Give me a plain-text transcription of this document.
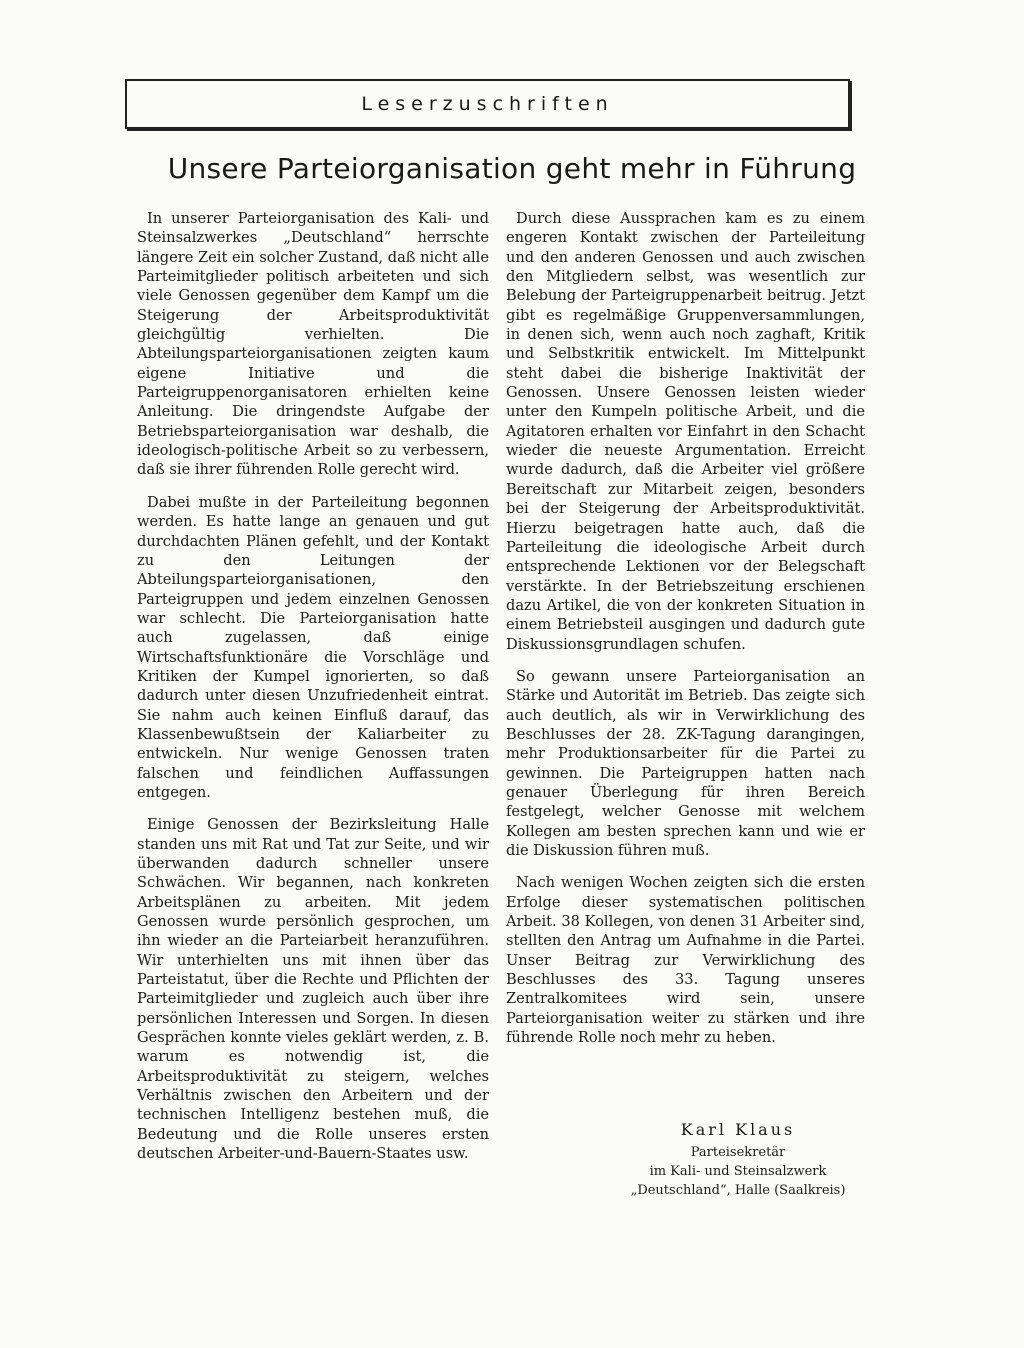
Leserzuschriften
Unsere Parteiorganisation geht mehr in Führung

In unserer Parteiorganisation des Kali- und Steinsalzwerkes „Deutschland“ herrschte längere Zeit ein solcher Zustand, daß nicht alle Parteimitglieder politisch arbeiteten und sich viele Genossen gegenüber dem Kampf um die Steigerung der Arbeitsproduktivität gleichgültig verhielten. Die Abteilungsparteiorganisationen zeigten kaum eigene Initiative und die Parteigruppenorganisatoren erhielten keine Anleitung. Die dringendste Aufgabe der Betriebsparteiorganisation war deshalb, die ideologisch-politische Arbeit so zu verbessern, daß sie ihrer führenden Rolle gerecht wird.

Dabei mußte in der Parteileitung begonnen werden. Es hatte lange an genauen und gut durchdachten Plänen gefehlt, und der Kontakt zu den Leitungen der Abteilungsparteiorganisationen, den Parteigruppen und jedem einzelnen Genossen war schlecht. Die Parteiorganisation hatte auch zugelassen, daß einige Wirtschaftsfunktionäre die Vorschläge und Kritiken der Kumpel ignorierten, so daß dadurch unter diesen Unzufriedenheit eintrat. Sie nahm auch keinen Einfluß darauf, das Klassenbewußtsein der Kaliarbeiter zu entwickeln. Nur wenige Genossen traten falschen und feindlichen Auffassungen entgegen.

Einige Genossen der Bezirksleitung Halle standen uns mit Rat und Tat zur Seite, und wir überwanden dadurch schneller unsere Schwächen. Wir begannen, nach konkreten Arbeitsplänen zu arbeiten. Mit jedem Genossen wurde persönlich gesprochen, um ihn wieder an die Parteiarbeit heranzuführen. Wir unterhielten uns mit ihnen über das Parteistatut, über die Rechte und Pflichten der Parteimitglieder und zugleich auch über ihre persönlichen Interessen und Sorgen. In diesen Gesprächen konnte vieles geklärt werden, z. B. warum es notwendig ist, die Arbeitsproduktivität zu steigern, welches Verhältnis zwischen den Arbeitern und der technischen Intelligenz bestehen muß, die Bedeutung und die Rolle unseres ersten deutschen Arbeiter-und-Bauern-Staates usw.

Durch diese Aussprachen kam es zu einem engeren Kontakt zwischen der Parteileitung und den anderen Genossen und auch zwischen den Mitgliedern selbst, was wesentlich zur Belebung der Parteigruppenarbeit beitrug. Jetzt gibt es regelmäßige Gruppenversammlungen, in denen sich, wenn auch noch zaghaft, Kritik und Selbstkritik entwickelt. Im Mittelpunkt steht dabei die bisherige Inaktivität der Genossen. Unsere Genossen leisten wieder unter den Kumpeln politische Arbeit, und die Agitatoren erhalten vor Einfahrt in den Schacht wieder die neueste Argumentation. Erreicht wurde dadurch, daß die Arbeiter viel größere Bereitschaft zur Mitarbeit zeigen, besonders bei der Steigerung der Arbeitsproduktivität. Hierzu beigetragen hatte auch, daß die Parteileitung die ideologische Arbeit durch entsprechende Lektionen vor der Belegschaft verstärkte. In der Betriebszeitung erschienen dazu Artikel, die von der konkreten Situation in einem Betriebsteil ausgingen und dadurch gute Diskussionsgrundlagen schufen.

So gewann unsere Parteiorganisation an Stärke und Autorität im Betrieb. Das zeigte sich auch deutlich, als wir in Verwirklichung des Beschlusses der 28. ZK-Tagung darangingen, mehr Produktionsarbeiter für die Partei zu gewinnen. Die Parteigruppen hatten nach genauer Überlegung für ihren Bereich festgelegt, welcher Genosse mit welchem Kollegen am besten sprechen kann und wie er die Diskussion führen muß.

Nach wenigen Wochen zeigten sich die ersten Erfolge dieser systematischen politischen Arbeit. 38 Kollegen, von denen 31 Arbeiter sind, stellten den Antrag um Aufnahme in die Partei. Unser Beitrag zur Verwirklichung des Beschlusses des 33. Tagung unseres Zentralkomitees wird sein, unsere Parteiorganisation weiter zu stärken und ihre führende Rolle noch mehr zu heben.

Karl Klaus
Parteisekretär
im Kali- und Steinsalzwerk
„Deutschland“, Halle (Saalkreis)
